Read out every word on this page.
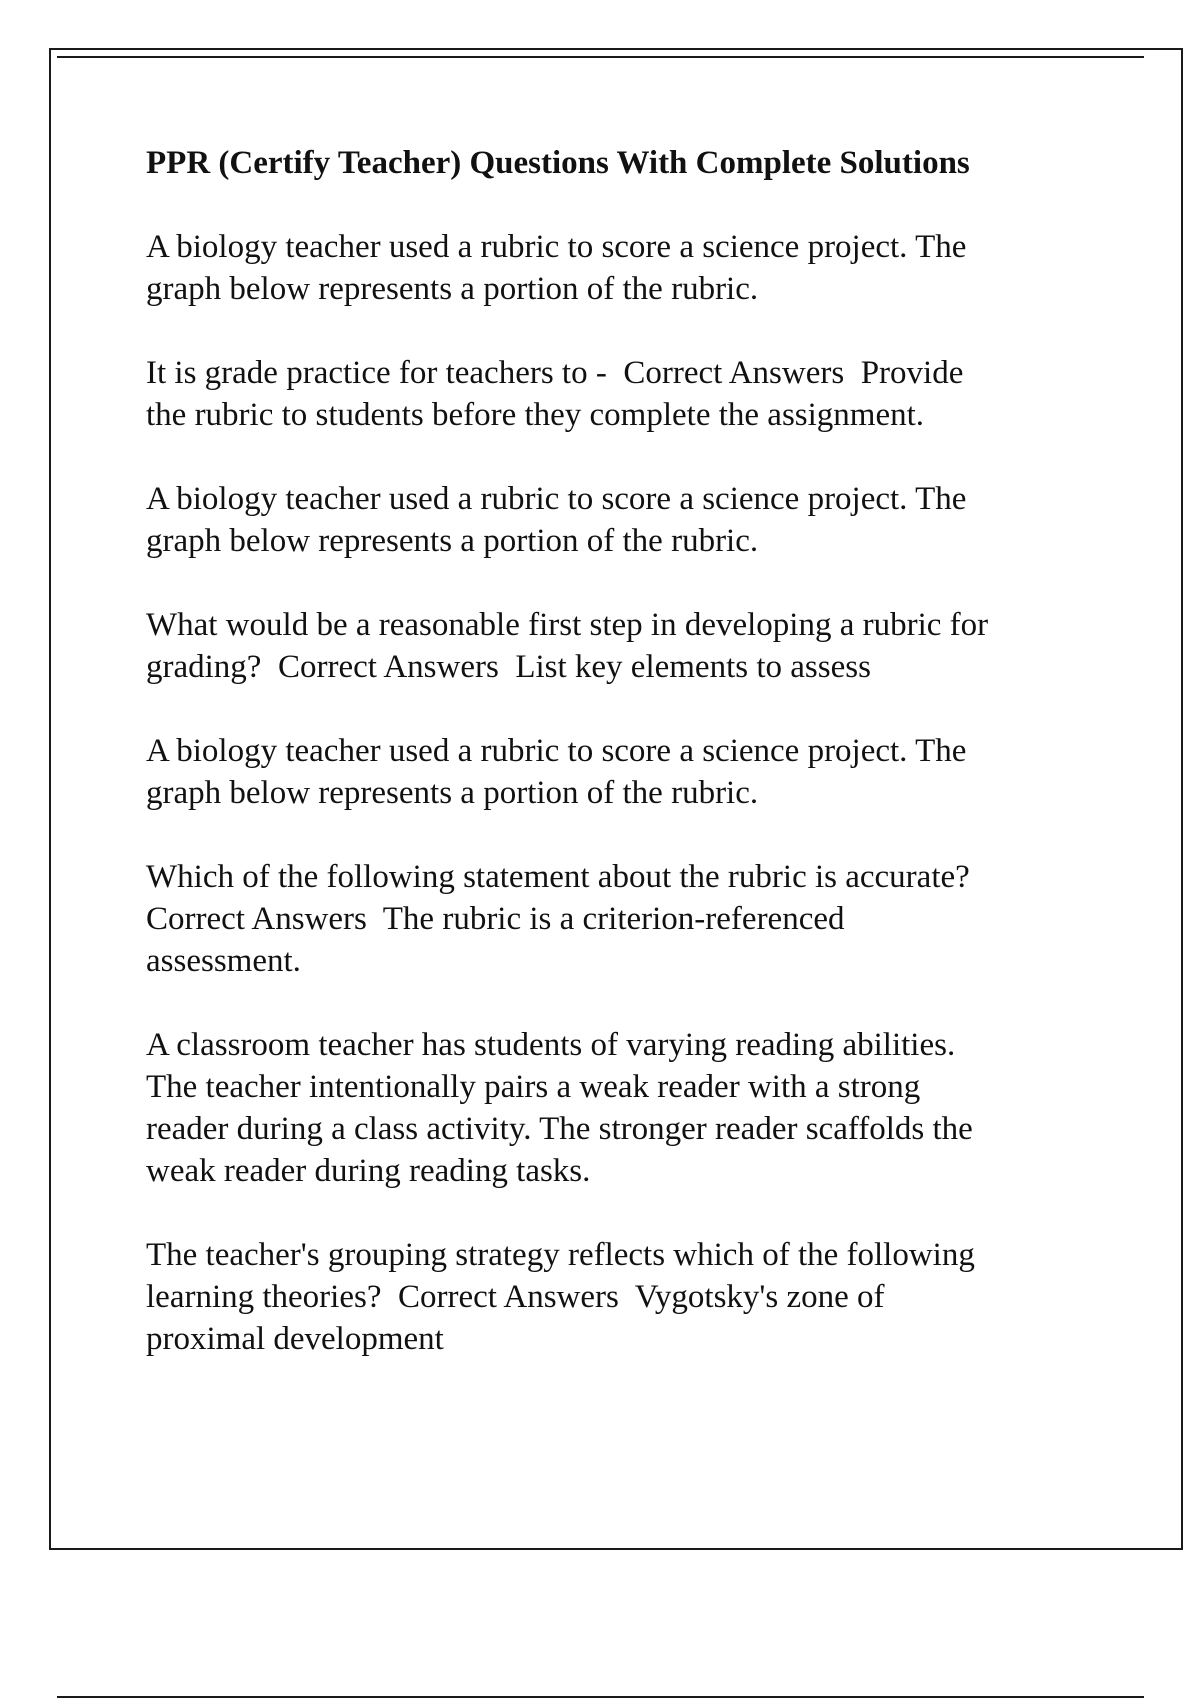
PPR (Certify Teacher) Questions With Complete Solutions

A biology teacher used a rubric to score a science project. The
graph below represents a portion of the rubric.

It is grade practice for teachers to -  Correct Answers  Provide
the rubric to students before they complete the assignment.

A biology teacher used a rubric to score a science project. The
graph below represents a portion of the rubric.

What would be a reasonable first step in developing a rubric for
grading?  Correct Answers  List key elements to assess

A biology teacher used a rubric to score a science project. The
graph below represents a portion of the rubric.

Which of the following statement about the rubric is accurate?
Correct Answers  The rubric is a criterion-referenced
assessment.

A classroom teacher has students of varying reading abilities.
The teacher intentionally pairs a weak reader with a strong
reader during a class activity. The stronger reader scaffolds the
weak reader during reading tasks.

The teacher's grouping strategy reflects which of the following
learning theories?  Correct Answers  Vygotsky's zone of
proximal development
